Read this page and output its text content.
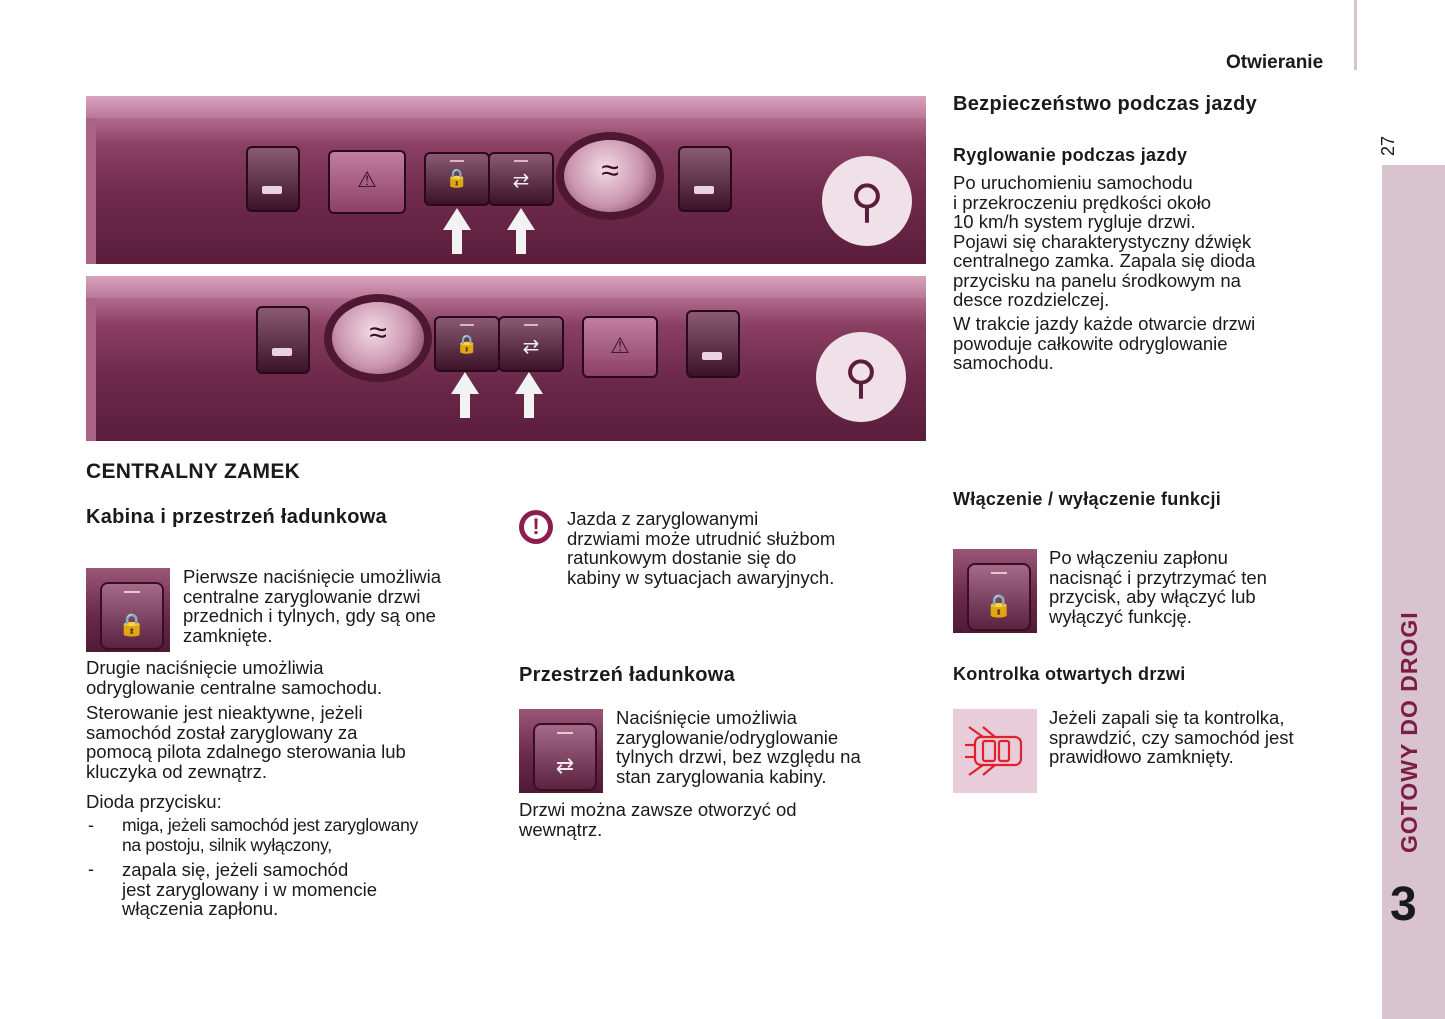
Otwieranie
27
GOTOWY DO DROGI
3
⚠	🔒	⇄	≈
⚲
≈	🔒	⇄	⚠
⚲
CENTRALNY ZAMEK
Kabina i przestrzeń ładunkowa
🔒
Pierwsze naciśnięcie umożliwia
centralne zaryglowanie drzwi
przednich i tylnych, gdy są one
zamknięte.
Drugie naciśnięcie umożliwia
odryglowanie centralne samochodu.
Sterowanie jest nieaktywne, jeżeli
samochód został zaryglowany za
pomocą pilota zdalnego sterowania lub
kluczyka od zewnątrz.
Dioda przycisku:
- miga, jeżeli samochód jest zaryglowany
na postoju, silnik wyłączony,
- zapala się, jeżeli samochód
jest zaryglowany i w momencie
włączenia zapłonu.
!	Jazda z zaryglowanymi
drzwiami może utrudnić służbom
ratunkowym dostanie się do
kabiny w sytuacjach awaryjnych.
Przestrzeń ładunkowa
⇄
Naciśnięcie umożliwia
zaryglowanie/odryglowanie
tylnych drzwi, bez względu na
stan zaryglowania kabiny.
Drzwi można zawsze otworzyć od
wewnątrz.
Bezpieczeństwo podczas jazdy
Ryglowanie podczas jazdy
Po uruchomieniu samochodu
i przekroczeniu prędkości około
10 km/h system rygluje drzwi.
Pojawi się charakterystyczny dźwięk
centralnego zamka. Zapala się dioda
przycisku na panelu środkowym na
desce rozdzielczej.
W trakcie jazdy każde otwarcie drzwi
powoduje całkowite odryglowanie
samochodu.
Włączenie / wyłączenie funkcji
🔒
Po włączeniu zapłonu
nacisnąć i przytrzymać ten
przycisk, aby włączyć lub
wyłączyć funkcję.
Kontrolka otwartych drzwi
Jeżeli zapali się ta kontrolka,
sprawdzić, czy samochód jest
prawidłowo zamknięty.
